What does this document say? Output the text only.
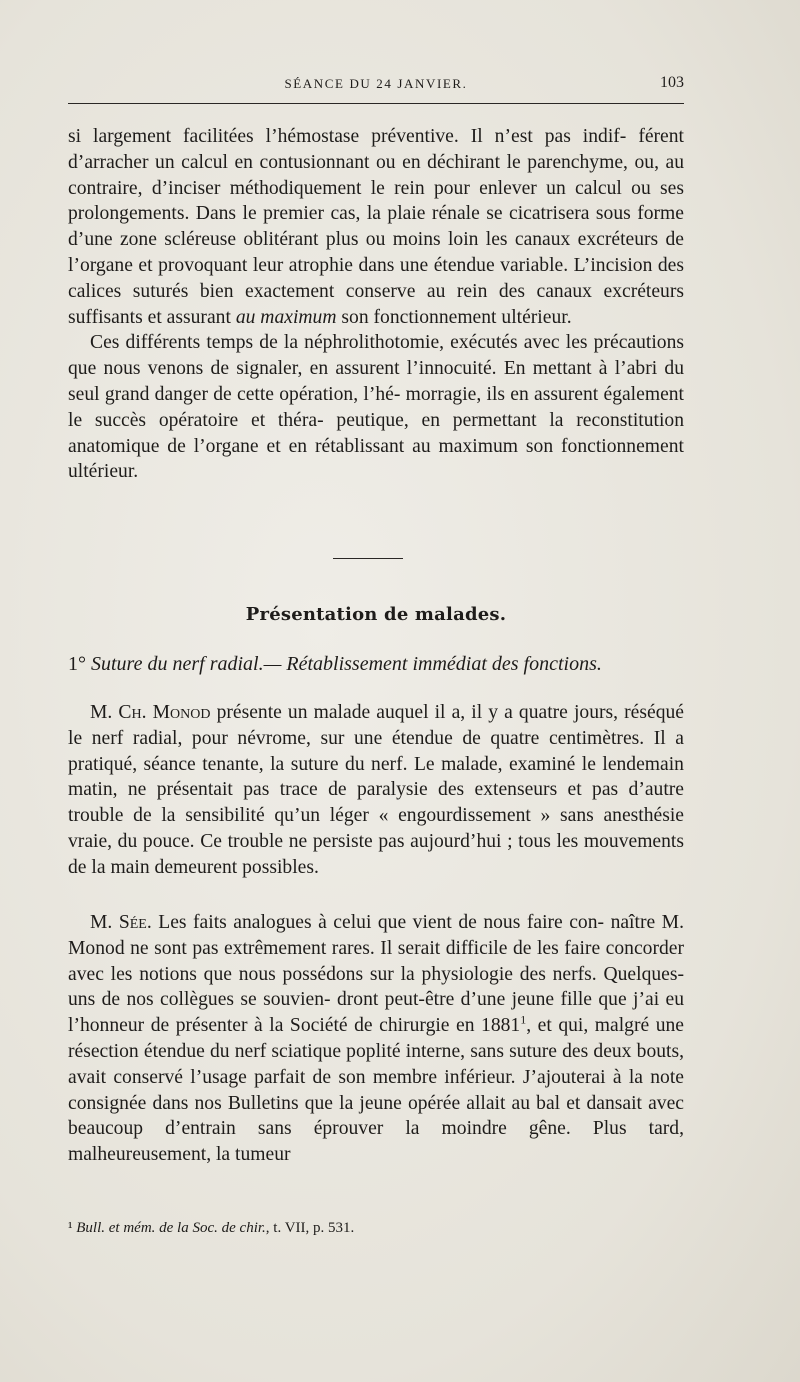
SÉANCE DU 24 JANVIER.	103

si largement facilitées l’hémostase préventive. Il n’est pas indif- férent d’arracher un calcul en contusionnant ou en déchirant le parenchyme, ou, au contraire, d’inciser méthodiquement le rein pour enlever un calcul ou ses prolongements. Dans le premier cas, la plaie rénale se cicatrisera sous forme d’une zone scléreuse oblitérant plus ou moins loin les canaux excréteurs de l’organe et provoquant leur atrophie dans une étendue variable. L’incision des calices suturés bien exactement conserve au rein des canaux excréteurs suffisants et assurant au maximum son fonctionnement ultérieur.

Ces différents temps de la néphrolithotomie, exécutés avec les précautions que nous venons de signaler, en assurent l’innocuité. En mettant à l’abri du seul grand danger de cette opération, l’hé- morragie, ils en assurent également le succès opératoire et théra- peutique, en permettant la reconstitution anatomique de l’organe et en rétablissant au maximum son fonctionnement ultérieur.

Présentation de malades.
1° Suture du nerf radial.— Rétablissement immédiat des fonctions.

M. Ch. Monod présente un malade auquel il a, il y a quatre jours, réséqué le nerf radial, pour névrome, sur une étendue de quatre centimètres. Il a pratiqué, séance tenante, la suture du nerf. Le malade, examiné le lendemain matin, ne présentait pas trace de paralysie des extenseurs et pas d’autre trouble de la sensibilité qu’un léger « engourdissement » sans anesthésie vraie, du pouce. Ce trouble ne persiste pas aujourd’hui ; tous les mouvements de la main demeurent possibles.

M. Sée. Les faits analogues à celui que vient de nous faire con- naître M. Monod ne sont pas extrêmement rares. Il serait difficile de les faire concorder avec les notions que nous possédons sur la physiologie des nerfs. Quelques-uns de nos collègues se souvien- dront peut-être d’une jeune fille que j’ai eu l’honneur de présenter à la Société de chirurgie en 1881$^1$, et qui, malgré une résection étendue du nerf sciatique poplité interne, sans suture des deux bouts, avait conservé l’usage parfait de son membre inférieur. J’ajouterai à la note consignée dans nos Bulletins que la jeune opérée allait au bal et dansait avec beaucoup d’entrain sans éprouver la moindre gêne. Plus tard, malheureusement, la tumeur

¹ Bull. et mém. de la Soc. de chir., t. VII, p. 531.
